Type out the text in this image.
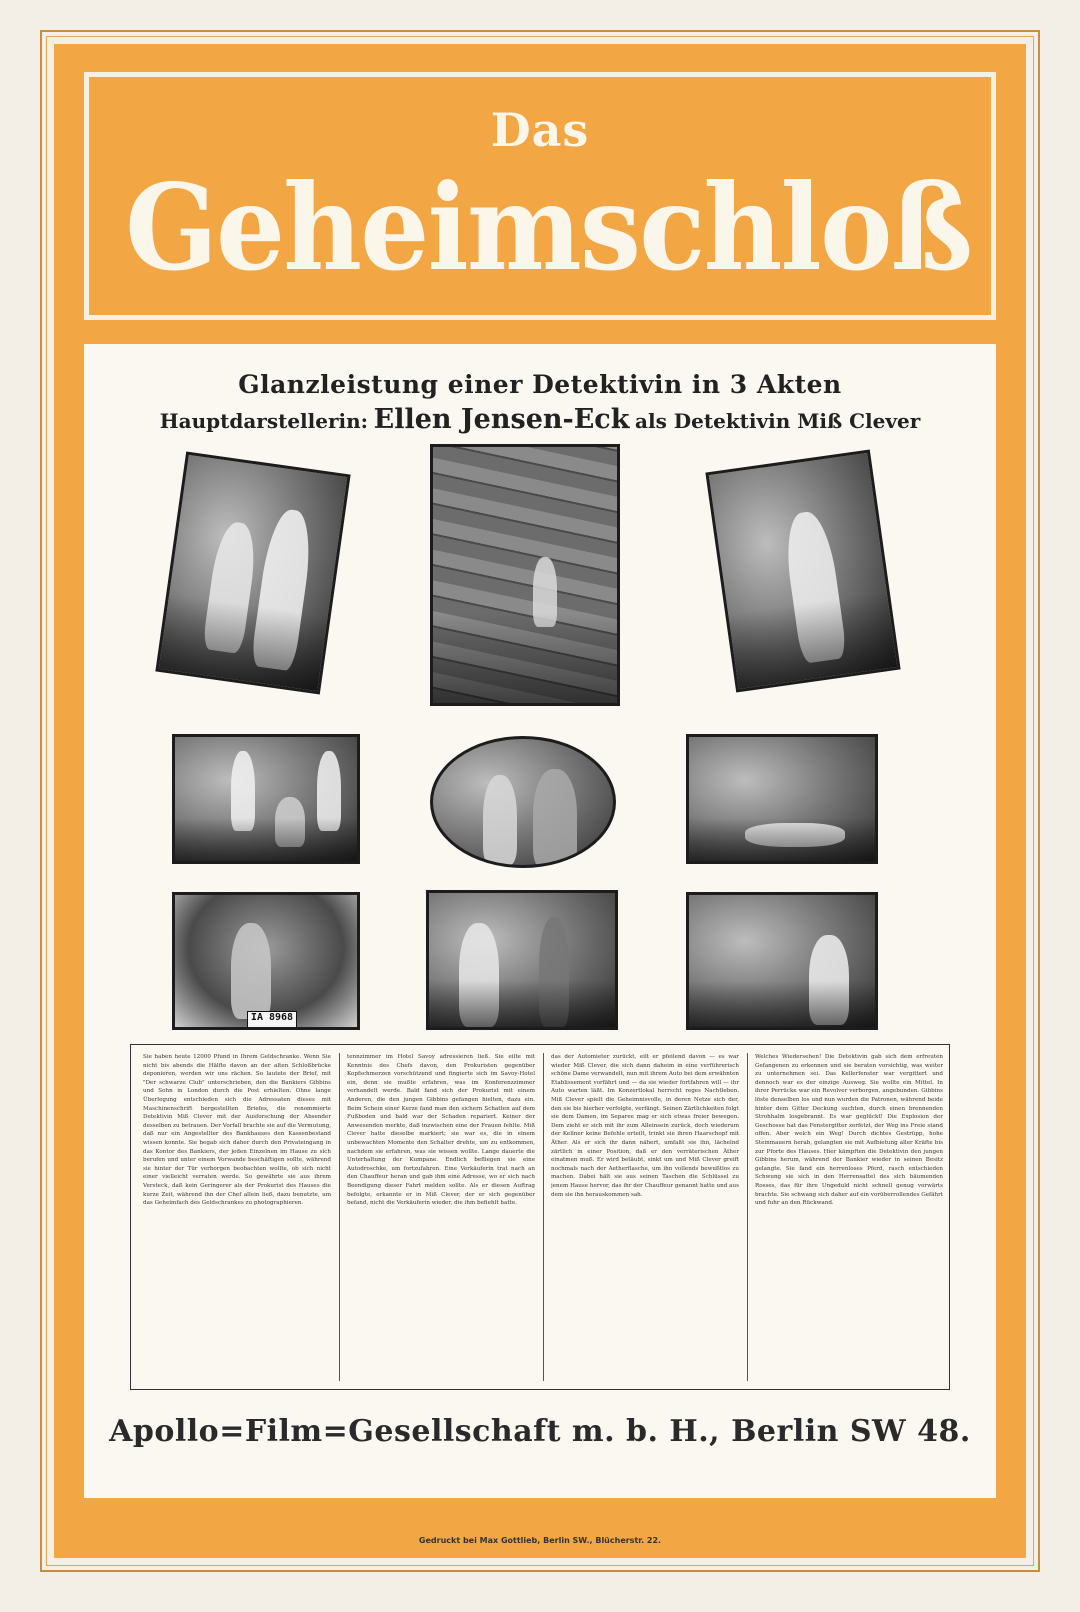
Das
Geheimschloß
Glanzleistung einer Detektivin in 3 Akten
Hauptdarstellerin: Ellen Jensen-Eck als Detektivin Miß Clever
IA 8968
Sie haben heute 12000 Pfund in Ihrem Geldschranke. Wenn Sie nicht bis abends die Hälfte davon an der alten Schloßbrücke deponieren, werden wir uns rächen. So lautete der Brief, mit "Der schwarze Club" unterschrieben, den die Bankiers Gibbins und Sohn in London durch die Post erhielten. Ohne lange Überlegung entschieden sich die Adressaten dieses mit Maschinenschrift hergestellten Briefes, die renommierte Detektivin Miß Clever mit der Ausforschung der Absender desselben zu betrauen. Der Vorfall brachte sie auf die Vermutung, daß nur ein Angestellter des Bankhauses den Kassenbestand wissen konnte. Sie begab sich daher durch den Privateingang in das Kontor des Bankiers, der jeden Einzelnen im Hause zu sich berufen und unter einem Vorwande beschäftigen sollte, während sie hinter der Tür verborgen beobachten wollte, ob sich nicht einer vielleicht verraten werde. So gewährte sie aus ihrem Versteck, daß kein Geringerer als der Prokurist des Hauses die kurze Zeit, während ihn der Chef allein ließ, dazu benutzte, um das Geheimfach des Geldschrankes zu photographieren.
tennzimmer im Hotel Savoy adressieren ließ. Sie eilte mit Kenntnis des Chefs davon, den Prokuristen gegenüber Kopfschmerzen vorschützend und fingierte sich im Savoy-Hotel ein, denn sie mußte erfahren, was im Konferenzzimmer verhandelt werde. Bald fand sich der Prokurist mit einem Anderen, die den jungen Gibbins gefangen hielten, dazu ein. Beim Schein einer Kerze fand man den sichern Schatten auf dem Fußboden und bald war der Schaden repariert. Keiner der Anwesenden merkte, daß inzwischen eine der Frauen fehlte. Miß Clever hatte dieselbe markiert; sie war es, die in einem unbewachten Momente den Schalter drehte, um zu entkommen, nachdem sie erfahren, was sie wissen wollte. Lange dauerte die Unterhaltung der Kumpane. Endlich befliegen sie eine Autodroschke, um fortzufahren. Eine Verkäuferin trat nach an den Chauffeur heran und gab ihm eine Adresse, wo er sich nach Beendigung dieser Fahrt melden sollte. Als er diesen Auftrag befolgte, erkannte er in Miß Clever, der er sich gegenüber befand, nicht die Verkäuferin wieder, die ihm befiehlt hatte.
das der Automieter zurückt, eilt er pfeilend davon — es war wieder Miß Clever, die sich dann daheim in eine verführerisch schöne Dame verwandelt, nun mit ihrem Auto bei dem erwähnten Etablissement vorfährt und — da sie wieder fortfahren will — ihr Auto warten läßt. Im Konzertlokal herrscht reges Nachtleben. Miß Clever spielt die Geheimnisvolle, in deren Netze sich der, den sie bis hierher verfolgte, verfängt. Seinen Zärtlichkeiten folgt sie dem Damen, im Separee mag er sich etwas freier bewegen. Dem zieht er sich mit ihr zum Alleinsein zurück, doch wiederum der Kellner keine Befehle erteilt, trinkt sie ihren Haarschopf mit Äther. Als er sich ihr dann nähert, umfaßt sie ihn, lächelnd zärtlich in einer Position, daß er den verräterischen Äther einatmen muß. Er wird betäubt, sinkt um und Miß Clever greift nochmals nach der Aetherflasche, um ihn vollends bewußtlos zu machen. Dabei hält sie aus seinen Taschen die Schlüssel zu jenem Hause hervor, das ihr der Chauffeur genannt hatte und aus dem sie ihn herauskommen sah.
Welches Wiedersehen! Die Detektivin gab sich dem erfreuten Gefangenen zu erkennen und sie beraten vorsichtig, was weiter zu unternehmen sei. Das Kellerfenster war vergittert und dennoch war es der einzige Ausweg. Sie wollte ein Mittel. In ihrer Perrücke war ein Revolver verborgen, angebunden. Gibbins löste denselben los und nun wurden die Patronen, während beide hinter dem Gitter Deckung suchten, durch einen brennenden Strohhalm losgebrannt. Es war geglückt! Die Explosion der Geschosse hat das Fenstergitter zerfetzt, der Weg ins Freie stand offen. Aber welch ein Weg! Durch dichtes Gestrüpp, hohe Steinmauern herab, gelangten sie mit Aufbietung aller Kräfte bis zur Pforte des Hauses. Hier kämpften die Detektivin den jungen Gibbins herum, während der Bankier wieder in seinen Besitz gelangte. Sie fand ein herrenloses Pferd, rasch entschieden Schwung sie sich in den Herrensattel des sich bäumenden Rosses, das für ihre Ungeduld nicht schnell genug vorwärts brachte. Sie schwang sich daher auf ein vorüberrollendes Gefährt und fuhr an den Rückwand.
Apollo=Film=Gesellschaft m. b. H., Berlin SW 48.
Gedruckt bei Max Gottlieb, Berlin SW., Blücherstr. 22.
